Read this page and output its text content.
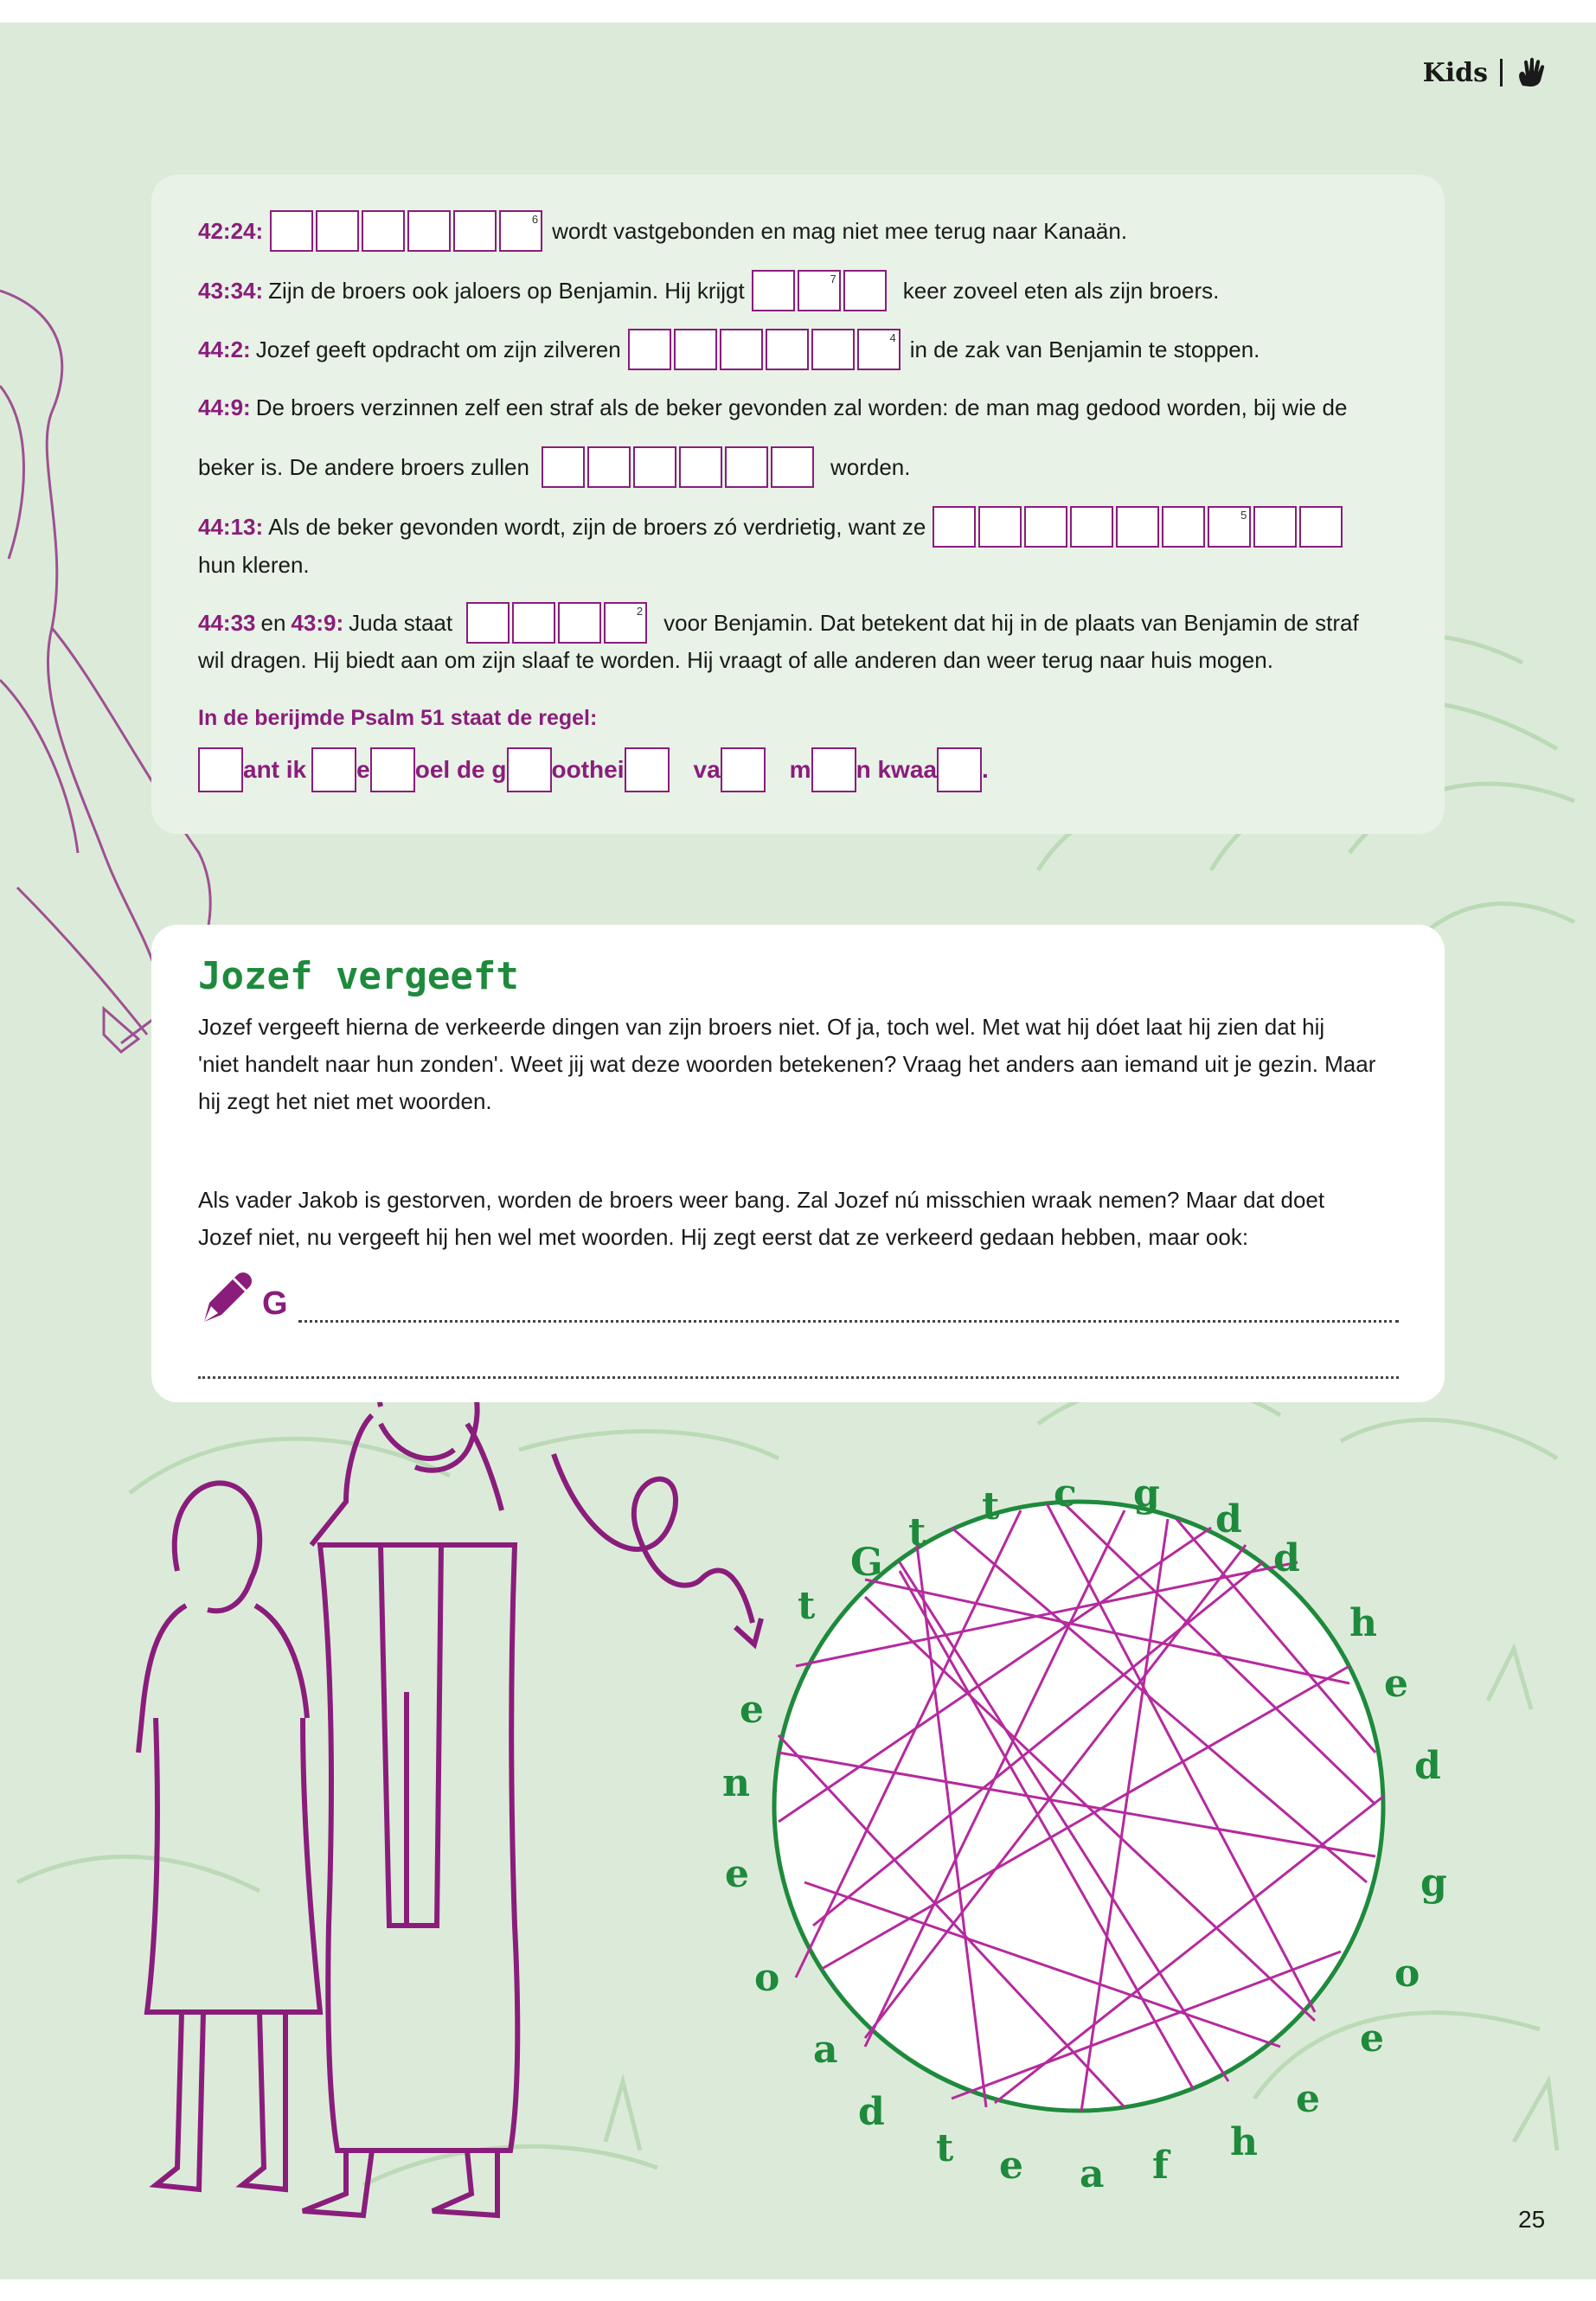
Kids
42:24:	6 wordt vastgebonden en mag niet mee terug naar Kanaän.
43:34: Zijn de broers ook jaloers op Benjamin. Hij krijgt	7	keer zoveel eten als zijn broers.
44:2: Jozef geeft opdracht om zijn zilveren	4 in de zak van Benjamin te stoppen.
44:9: De broers verzinnen zelf een straf als de beker gevonden zal worden: de man mag gedood worden, bij wie de
beker is. De andere broers zullen	worden.
44:13: Als de beker gevonden wordt, zijn de broers zó verdrietig, want ze	5
hun kleren.
44:33 en 43:9: Juda staat	2 voor Benjamin. Dat betekent dat hij in de plaats van Benjamin de straf
wil dragen. Hij biedt aan om zijn slaaf te worden. Hij vraagt of alle anderen dan weer terug naar huis mogen.
In de berijmde Psalm 51 staat de regel:
ant ik e oel de g oothei	va	m n kwaa .
Jozef vergeeft
Jozef vergeeft hierna de verkeerde dingen van zijn broers niet. Of ja, toch wel. Met wat hij dóet laat hij zien dat hij
'niet handelt naar hun zonden'. Weet jij wat deze woorden betekenen? Vraag het anders aan iemand uit je gezin. Maar
hij zegt het niet met woorden.
Als vader Jakob is gestorven, worden de broers weer bang. Zal Jozef nú misschien wraak nemen? Maar dat doet
Jozef niet, nu vergeeft hij hen wel met woorden. Hij zegt eerst dat ze verkeerd gedaan hebben, maar ook:
G
G
t
t c g
d
d
h
e
d
g
o
e
e
h
f
a
e
t
d
a
o
e
n
e
t
25
